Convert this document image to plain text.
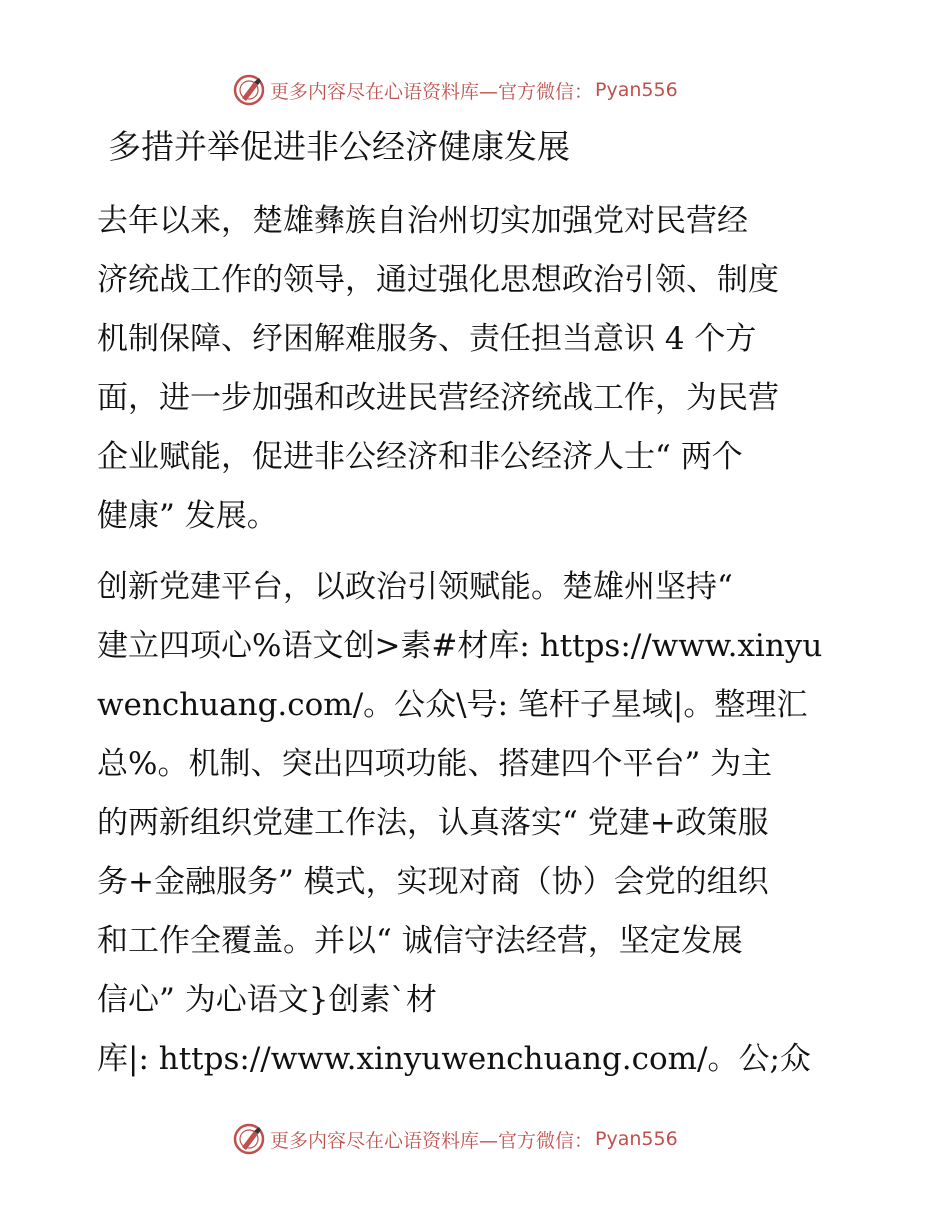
更多内容尽在心语资料库—官方微信： Pyan556
多措并举促进非公经济健康发展
去年以来，楚雄彝族自治州切实加强党对民营经
济统战工作的领导，通过强化思想政治引领、制度
机制保障、纾困解难服务、责任担当意识 4 个方
面，进一步加强和改进民营经济统战工作，为民营
企业赋能，促进非公经济和非公经济人士“ 两个
健康” 发展。
创新党建平台，以政治引领赋能。楚雄州坚持“
建立四项心%语文创>素#材库: https://www.xinyu
wenchuang.com/。公众\号: 笔杆子星域|。整理汇
总%。机制、突出四项功能、搭建四个平台” 为主
的两新组织党建工作法，认真落实“ 党建+政策服
务+金融服务” 模式，实现对商（协）会党的组织
和工作全覆盖。并以“ 诚信守法经营，坚定发展
信心” 为心语文}创素`材
库|: https://www.xinyuwenchuang.com/。公;众
更多内容尽在心语资料库—官方微信： Pyan556
